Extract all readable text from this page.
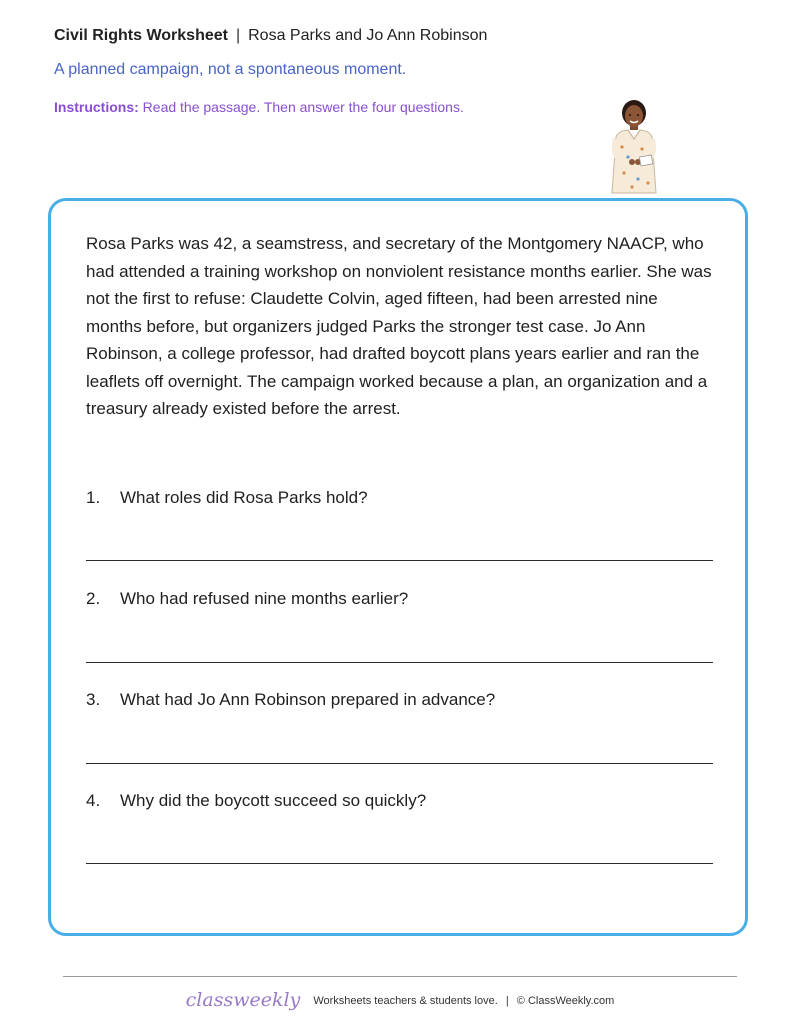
Civil Rights Worksheet | Rosa Parks and Jo Ann Robinson
A planned campaign, not a spontaneous moment.
Instructions: Read the passage. Then answer the four questions.
Rosa Parks was 42, a seamstress, and secretary of the Montgomery NAACP, who had attended a training workshop on nonviolent resistance months earlier. She was not the first to refuse: Claudette Colvin, aged fifteen, had been arrested nine months before, but organizers judged Parks the stronger test case. Jo Ann Robinson, a college professor, had drafted boycott plans years earlier and ran the leaflets off overnight. The campaign worked because a plan, an organization and a treasury already existed before the arrest.
1. What roles did Rosa Parks hold?
2. Who had refused nine months earlier?
3. What had Jo Ann Robinson prepared in advance?
4. Why did the boycott succeed so quickly?
classweekly Worksheets teachers & students love. | © ClassWeekly.com
